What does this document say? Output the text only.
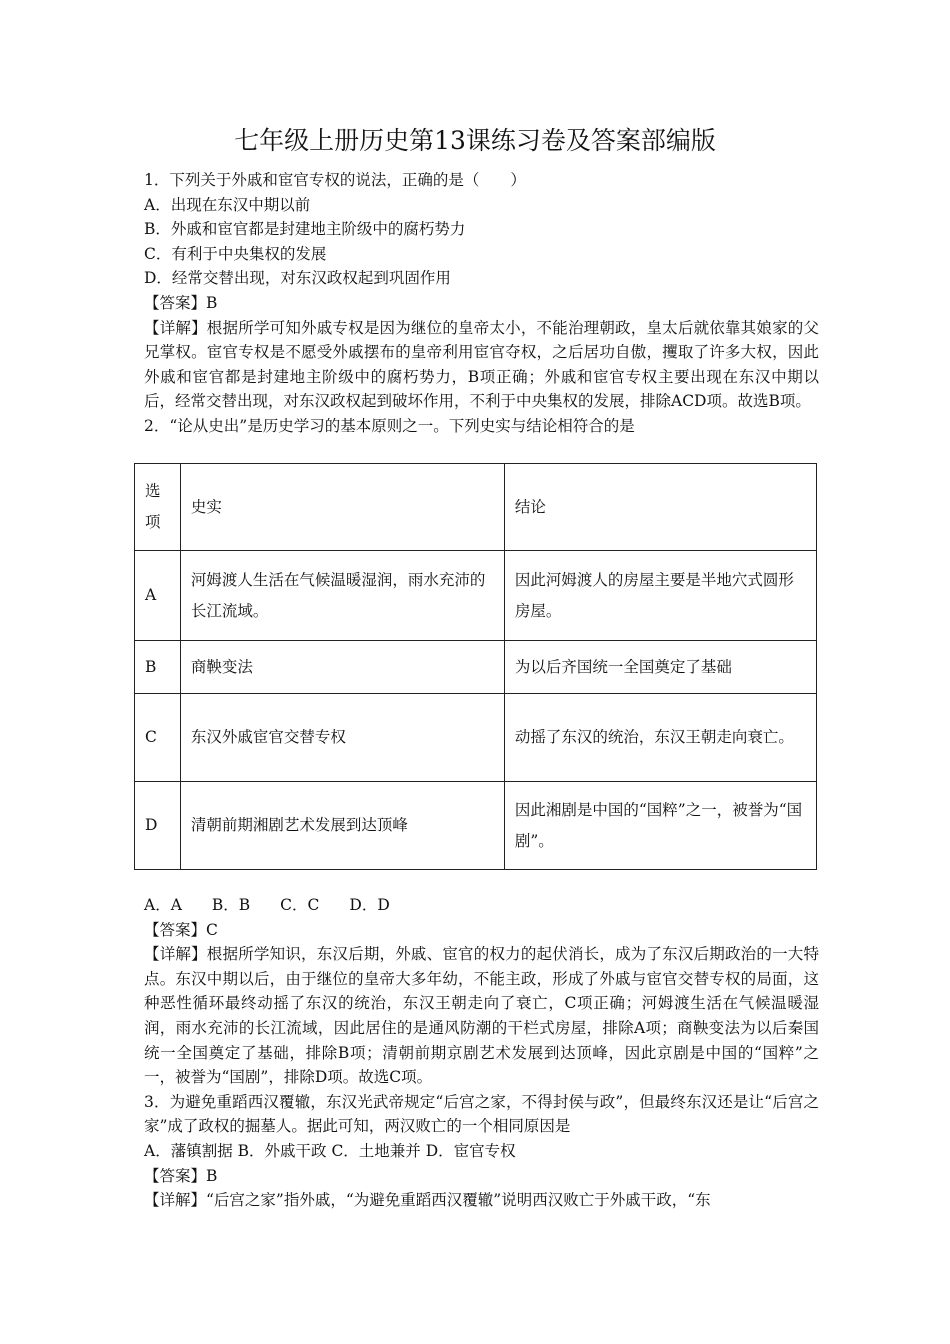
七年级上册历史第13课练习卷及答案部编版
1．下列关于外戚和宦官专权的说法，正确的是（　　）
A．出现在东汉中期以前
B．外戚和宦官都是封建地主阶级中的腐朽势力
C．有利于中央集权的发展
D．经常交替出现，对东汉政权起到巩固作用
【答案】B
【详解】根据所学可知外戚专权是因为继位的皇帝太小，不能治理朝政，皇太后就依靠其娘家的父兄掌权。宦官专权是不愿受外戚摆布的皇帝利用宦官夺权，之后居功自傲，攫取了许多大权，因此外戚和宦官都是封建地主阶级中的腐朽势力，B项正确；外戚和宦官专权主要出现在东汉中期以后，经常交替出现，对东汉政权起到破坏作用，不利于中央集权的发展，排除ACD项。故选B项。
2．“论从史出”是历史学习的基本原则之一。下列史实与结论相符合的是
选项	史实	结论
A	河姆渡人生活在气候温暖湿润，雨水充沛的长江流域。	因此河姆渡人的房屋主要是半地穴式圆形房屋。
B	商鞅变法	为以后齐国统一全国奠定了基础
C	东汉外戚宦官交替专权	动摇了东汉的统治，东汉王朝走向衰亡。
D	清朝前期湘剧艺术发展到达顶峰	因此湘剧是中国的“国粹”之一，被誉为“国剧”。
A．A B．B C．C D．D
【答案】C
【详解】根据所学知识，东汉后期，外戚、宦官的权力的起伏消长，成为了东汉后期政治的一大特点。东汉中期以后，由于继位的皇帝大多年幼，不能主政，形成了外戚与宦官交替专权的局面，这种恶性循环最终动摇了东汉的统治，东汉王朝走向了衰亡，C项正确；河姆渡生活在气候温暖湿润，雨水充沛的长江流域，因此居住的是通风防潮的干栏式房屋，排除A项；商鞅变法为以后秦国统一全国奠定了基础，排除B项；清朝前期京剧艺术发展到达顶峰，因此京剧是中国的“国粹”之一，被誉为“国剧”，排除D项。故选C项。
3．为避免重蹈西汉覆辙，东汉光武帝规定“后宫之家，不得封侯与政”，但最终东汉还是让“后宫之家”成了政权的掘墓人。据此可知，两汉败亡的一个相同原因是
A．藩镇割据 B．外戚干政 C．土地兼并 D．宦官专权
【答案】B
【详解】“后宫之家”指外戚，“为避免重蹈西汉覆辙”说明西汉败亡于外戚干政，“东
